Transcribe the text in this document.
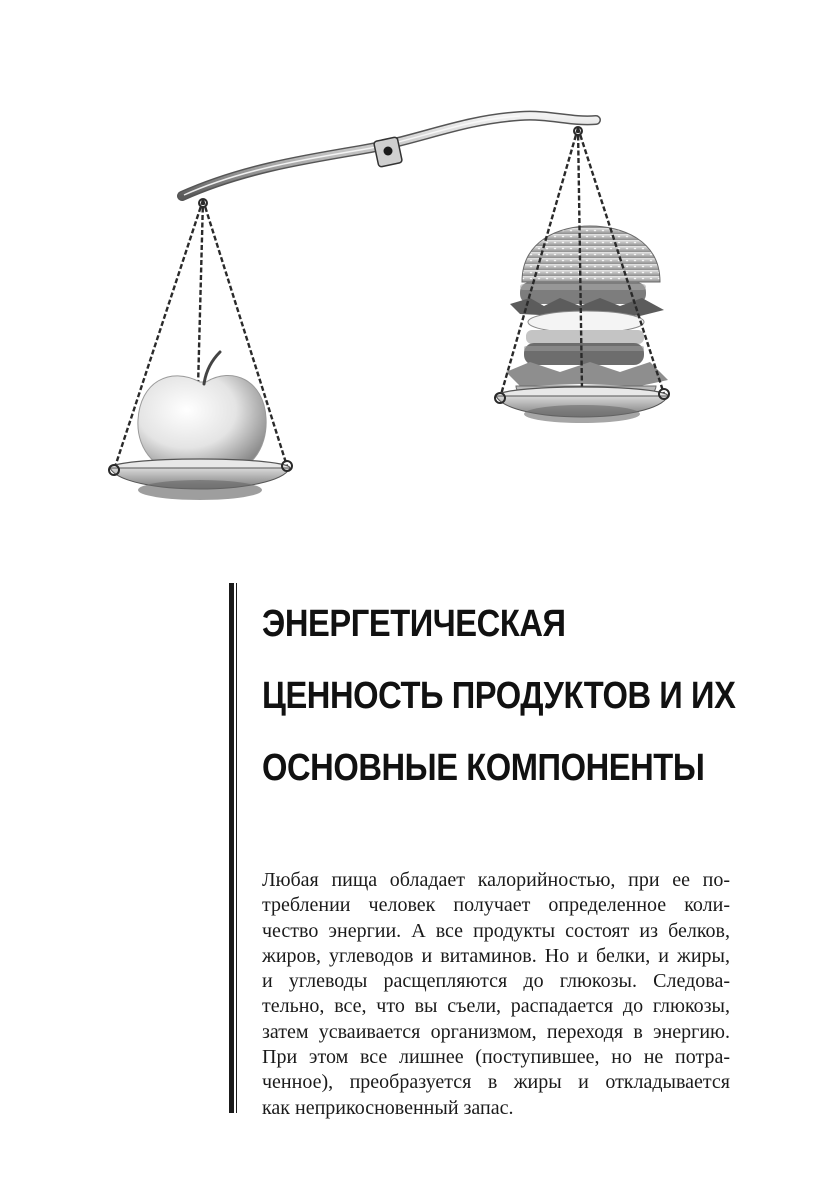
ЭНЕРГЕТИЧЕСКАЯ
ЦЕННОСТЬ ПРОДУКТОВ И ИХ
ОСНОВНЫЕ КОМПОНЕНТЫ

Любая пища обладает калорийностью, при ее по-
треблении человек получает определенное коли-
чество энергии. А все продукты состоят из белков,
жиров, углеводов и витаминов. Но и белки, и жиры,
и углеводы расщепляются до глюкозы. Следова-
тельно, все, что вы съели, распадается до глюкозы,
затем усваивается организмом, переходя в энергию.
При этом все лишнее (поступившее, но не потра-
ченное), преобразуется в жиры и откладывается
как неприкосновенный запас.
